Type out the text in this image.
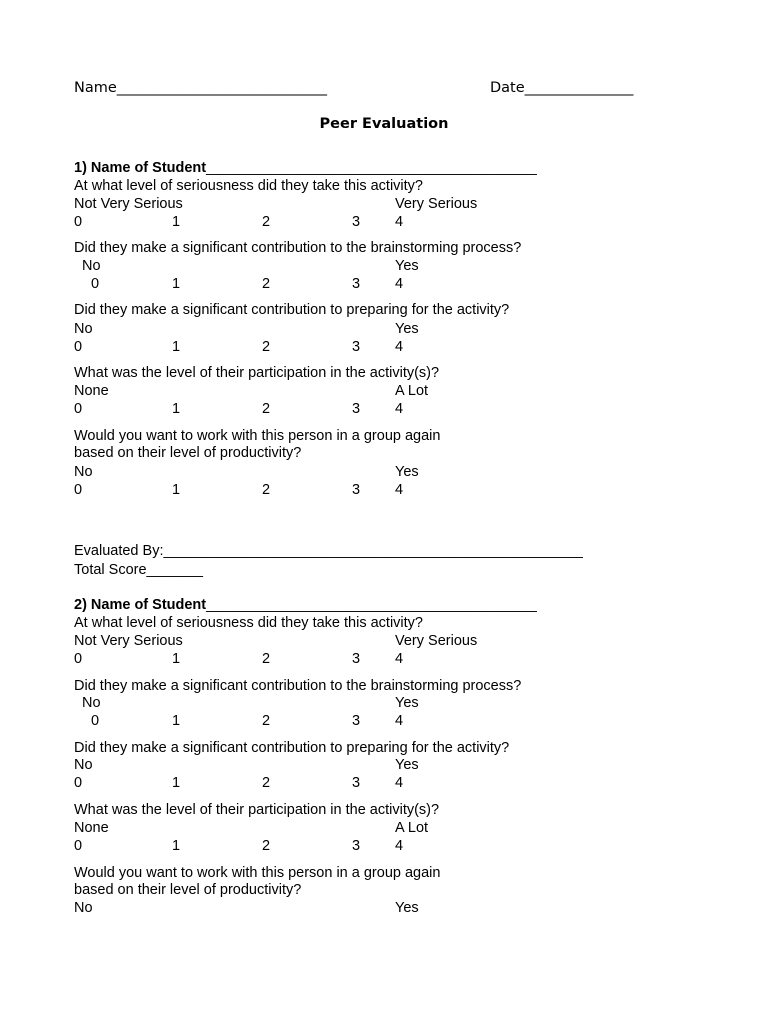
Name_____________________________	Date_______________
Peer Evaluation
1) Name of Student_________________________________________
At what level of seriousness did they take this activity?
Not Very Serious	Very Serious
0	1	2	3 4
Did they make a significant contribution to the brainstorming process?
No	Yes
0	1	2	3 4
Did they make a significant contribution to preparing for the activity?
No	Yes
0	1	2	3 4
What was the level of their participation in the activity(s)?
None	A Lot
0	1	2	3 4
Would you want to work with this person in a group again
based on their level of productivity?
No	Yes
0	1	2	3 4
Evaluated By:____________________________________________________
Total Score_______
2) Name of Student_________________________________________
At what level of seriousness did they take this activity?
Not Very Serious	Very Serious
0	1	2	3 4
Did they make a significant contribution to the brainstorming process?
No	Yes
0	1	2	3 4
Did they make a significant contribution to preparing for the activity?
No	Yes
0	1	2	3 4
What was the level of their participation in the activity(s)?
None	A Lot
0	1	2	3 4
Would you want to work with this person in a group again
based on their level of productivity?
No	Yes
